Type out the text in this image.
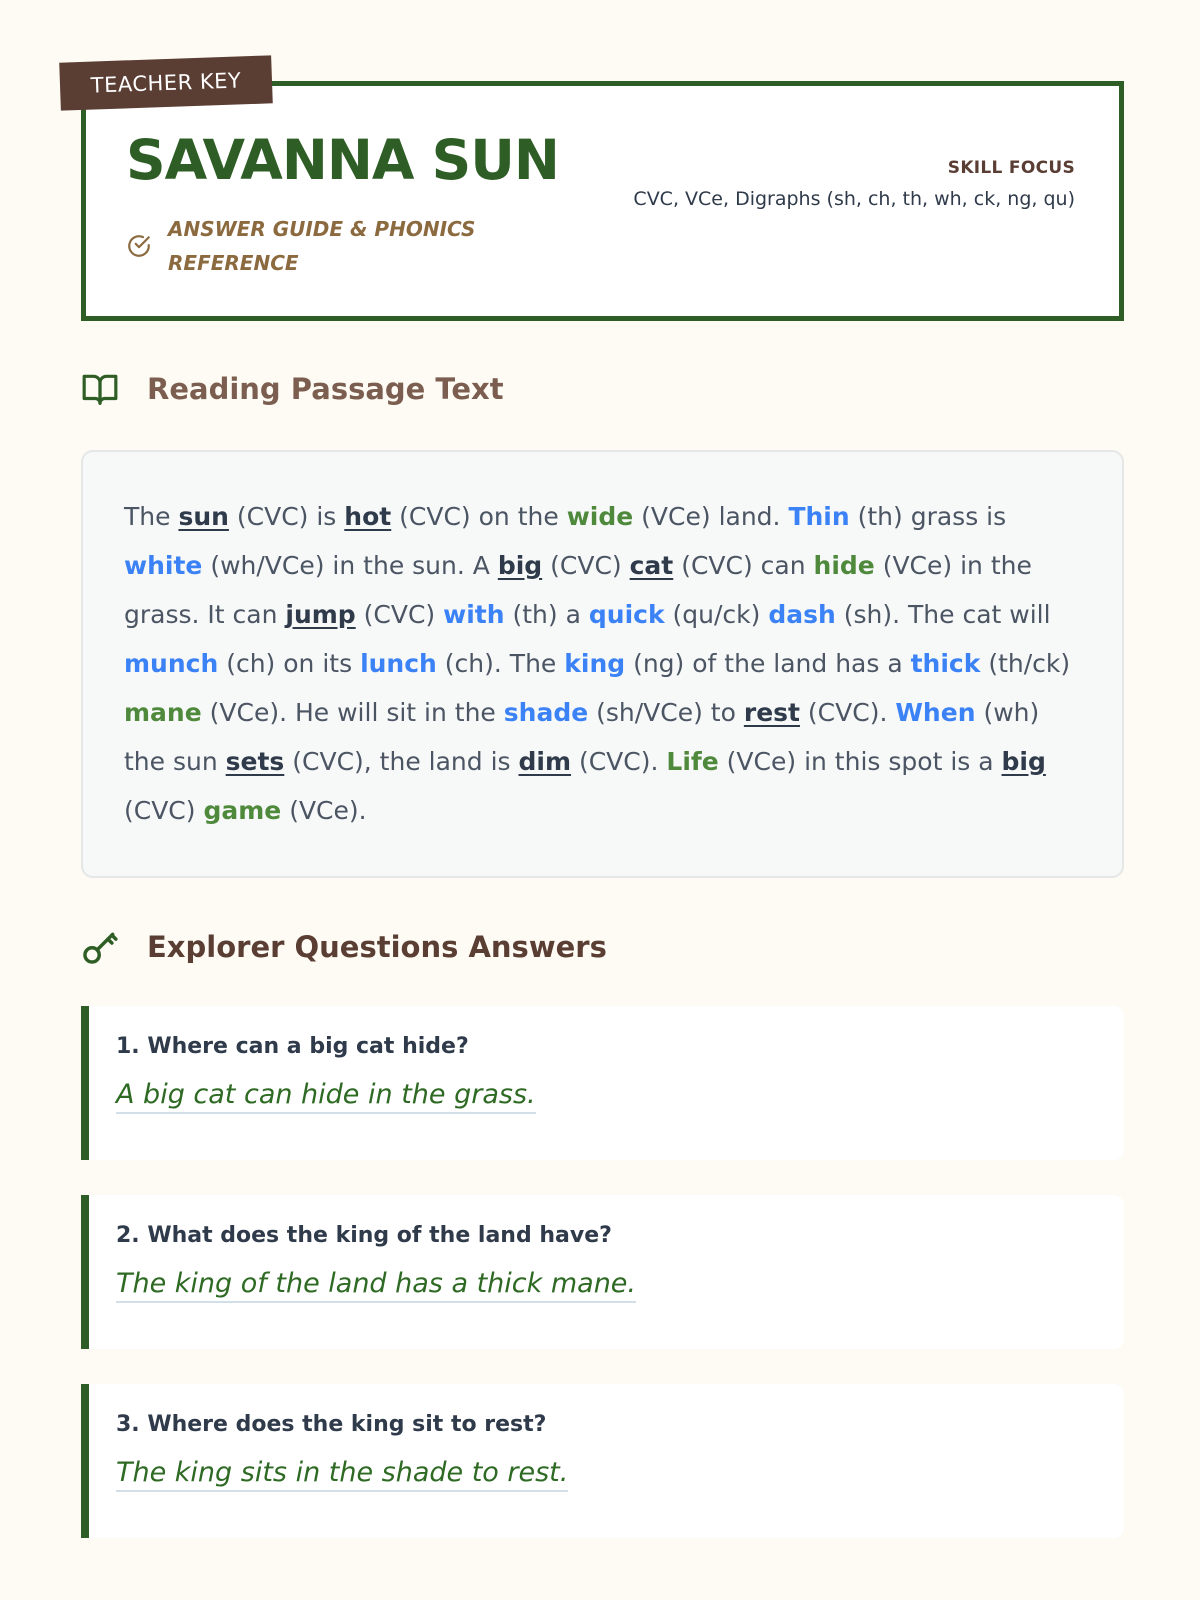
TEACHER KEY
SAVANNA SUN
ANSWER GUIDE & PHONICS REFERENCE
SKILL FOCUS
CVC, VCe, Digraphs (sh, ch, th, wh, ck, ng, qu)
Reading Passage Text
The sun (CVC) is hot (CVC) on the wide (VCe) land. Thin (th) grass is white (wh/VCe) in the sun. A big (CVC) cat (CVC) can hide (VCe) in the grass. It can jump (CVC) with (th) a quick (qu/ck) dash (sh). The cat will munch (ch) on its lunch (ch). The king (ng) of the land has a thick (th/ck) mane (VCe). He will sit in the shade (sh/VCe) to rest (CVC). When (wh) the sun sets (CVC), the land is dim (CVC). Life (VCe) in this spot is a big (CVC) game (VCe).
Explorer Questions Answers
1. Where can a big cat hide?
A big cat can hide in the grass.
2. What does the king of the land have?
The king of the land has a thick mane.
3. Where does the king sit to rest?
The king sits in the shade to rest.
